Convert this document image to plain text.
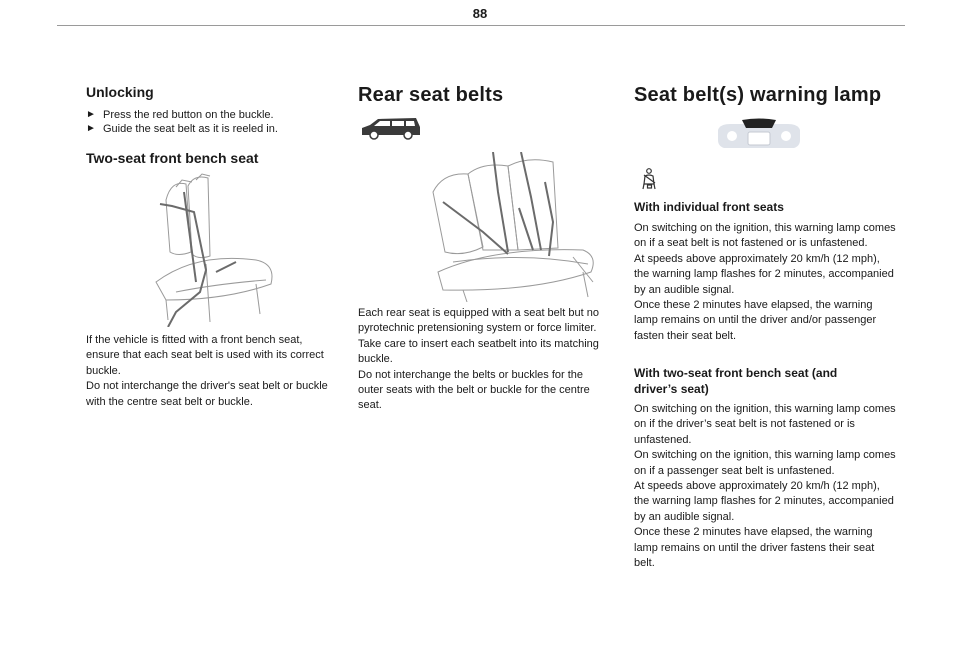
88
Unlocking
► Press the red button on the buckle.
► Guide the seat belt as it is reeled in.
Two-seat front bench seat

If the vehicle is fitted with a front bench seat, ensure that each seat belt is used with its correct buckle.
Do not interchange the driver's seat belt or buckle with the centre seat belt or buckle.

Rear seat belts

Each rear seat is equipped with a seat belt but no pyrotechnic pretensioning system or force limiter.
Take care to insert each seatbelt into its matching buckle.
Do not interchange the belts or buckles for the outer seats with the belt or buckle for the centre seat.

Seat belt(s) warning lamp
With individual front seats

On switching on the ignition, this warning lamp comes on if a seat belt is not fastened or is unfastened.
At speeds above approximately 20 km/h (12 mph), the warning lamp flashes for 2 minutes, accompanied by an audible signal.
Once these 2 minutes have elapsed, the warning lamp remains on until the driver and/or passenger fasten their seat belt.

With two-seat front bench seat (and driver’s seat)

On switching on the ignition, this warning lamp comes on if the driver’s seat belt is not fastened or is unfastened.
On switching on the ignition, this warning lamp comes on if a passenger seat belt is unfastened.
At speeds above approximately 20 km/h (12 mph), the warning lamp flashes for 2 minutes, accompanied by an audible signal.
Once these 2 minutes have elapsed, the warning lamp remains on until the driver fastens their seat belt.
